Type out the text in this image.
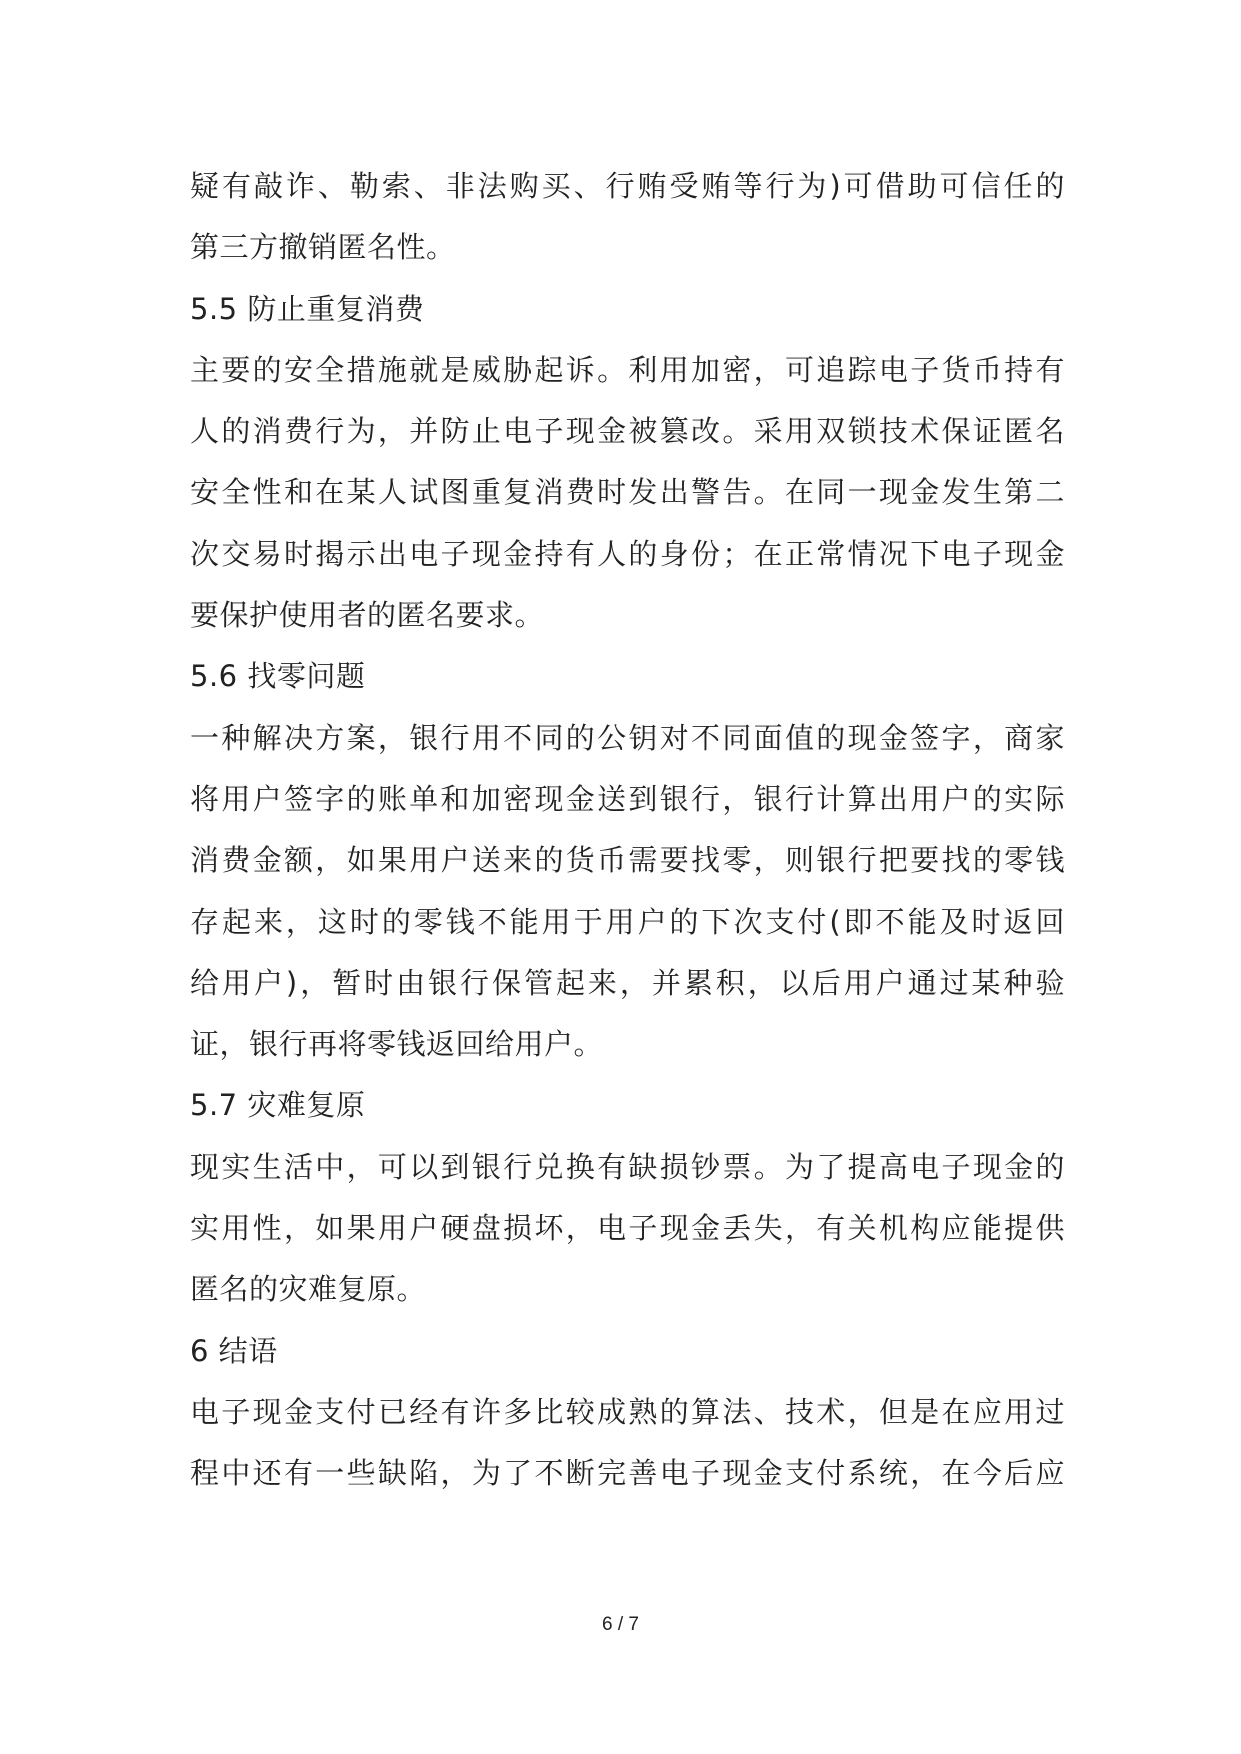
疑 有 敲 诈 、 勒 索 、 非 法 购 买 、 行 贿 受 贿 等 行 为 ) 可 借 助 可 信 任 的
第三方撤销匿名性。
5.5 防止重复消费
主 要 的 安 全 措 施 就 是 威 胁 起 诉 。 利 用 加 密 ， 可 追 踪 电 子 货 币 持 有
人 的 消 费 行 为 ， 并 防 止 电 子 现 金 被 篡 改 。 采 用 双 锁 技 术 保 证 匿 名
安 全 性 和 在 某 人 试 图 重 复 消 费 时 发 出 警 告 。 在 同 一 现 金 发 生 第 二
次 交 易 时 揭 示 出 电 子 现 金 持 有 人 的 身 份 ； 在 正 常 情 况 下 电 子 现 金
要保护使用者的匿名要求。
5.6 找零问题
一 种 解 决 方 案 ， 银 行 用 不 同 的 公 钥 对 不 同 面 值 的 现 金 签 字 ， 商 家
将 用 户 签 字 的 账 单 和 加 密 现 金 送 到 银 行 ， 银 行 计 算 出 用 户 的 实 际
消 费 金 额 ， 如 果 用 户 送 来 的 货 币 需 要 找 零 ， 则 银 行 把 要 找 的 零 钱
存 起 来 ， 这 时 的 零 钱 不 能 用 于 用 户 的 下 次 支 付 ( 即 不 能 及 时 返 回
给 用 户 ) ， 暂 时 由 银 行 保 管 起 来 ， 并 累 积 ， 以 后 用 户 通 过 某 种 验
证，银行再将零钱返回给用户。
5.7 灾难复原
现 实 生 活 中 ， 可 以 到 银 行 兑 换 有 缺 损 钞 票 。 为 了 提 高 电 子 现 金 的
实 用 性 ， 如 果 用 户 硬 盘 损 坏 ， 电 子 现 金 丢 失 ， 有 关 机 构 应 能 提 供
匿名的灾难复原。
6 结语
电 子 现 金 支 付 已 经 有 许 多 比 较 成 熟 的 算 法 、 技 术 ， 但 是 在 应 用 过
程 中 还 有 一 些 缺 陷 ， 为 了 不 断 完 善 电 子 现 金 支 付 系 统 ， 在 今 后 应
6 / 7
